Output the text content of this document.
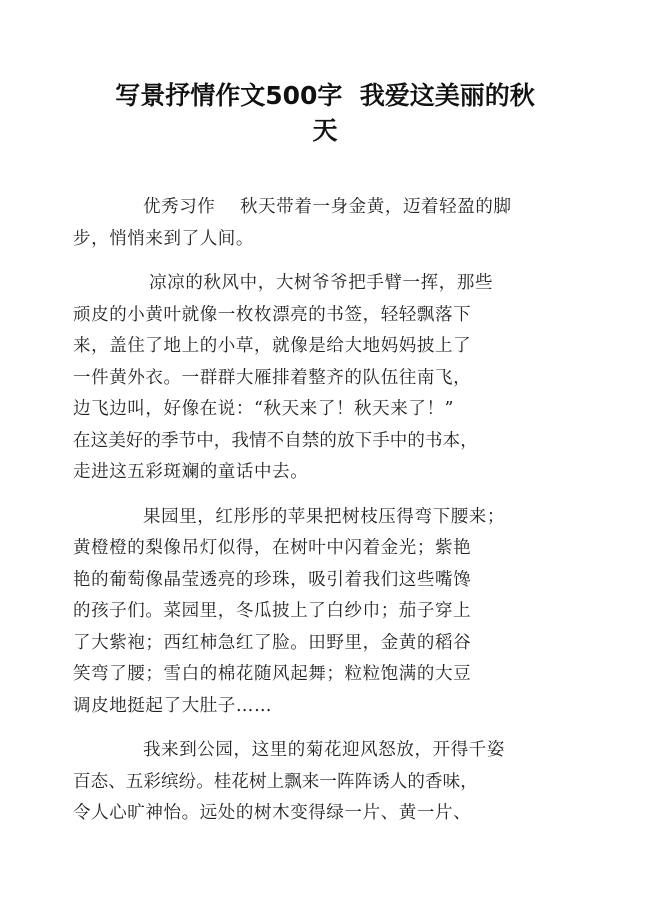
写景抒情作文500字  我爱这美丽的秋
天

优秀习作    秋天带着一身金黄，迈着轻盈的脚
步，悄悄来到了人间。

凉凉的秋风中，大树爷爷把手臂一挥，那些
顽皮的小黄叶就像一枚枚漂亮的书签，轻轻飘落下
来，盖住了地上的小草，就像是给大地妈妈披上了
一件黄外衣。一群群大雁排着整齐的队伍往南飞，
边飞边叫，好像在说：“秋天来了！秋天来了！”
在这美好的季节中，我情不自禁的放下手中的书本，
走进这五彩斑斓的童话中去。

果园里，红彤彤的苹果把树枝压得弯下腰来；
黄橙橙的梨像吊灯似得，在树叶中闪着金光；紫艳
艳的葡萄像晶莹透亮的珍珠，吸引着我们这些嘴馋
的孩子们。菜园里，冬瓜披上了白纱巾；茄子穿上
了大紫袍；西红柿急红了脸。田野里，金黄的稻谷
笑弯了腰；雪白的棉花随风起舞；粒粒饱满的大豆
调皮地挺起了大肚子……

我来到公园，这里的菊花迎风怒放，开得千姿
百态、五彩缤纷。桂花树上飘来一阵阵诱人的香味，
令人心旷神怡。远处的树木变得绿一片、黄一片、
